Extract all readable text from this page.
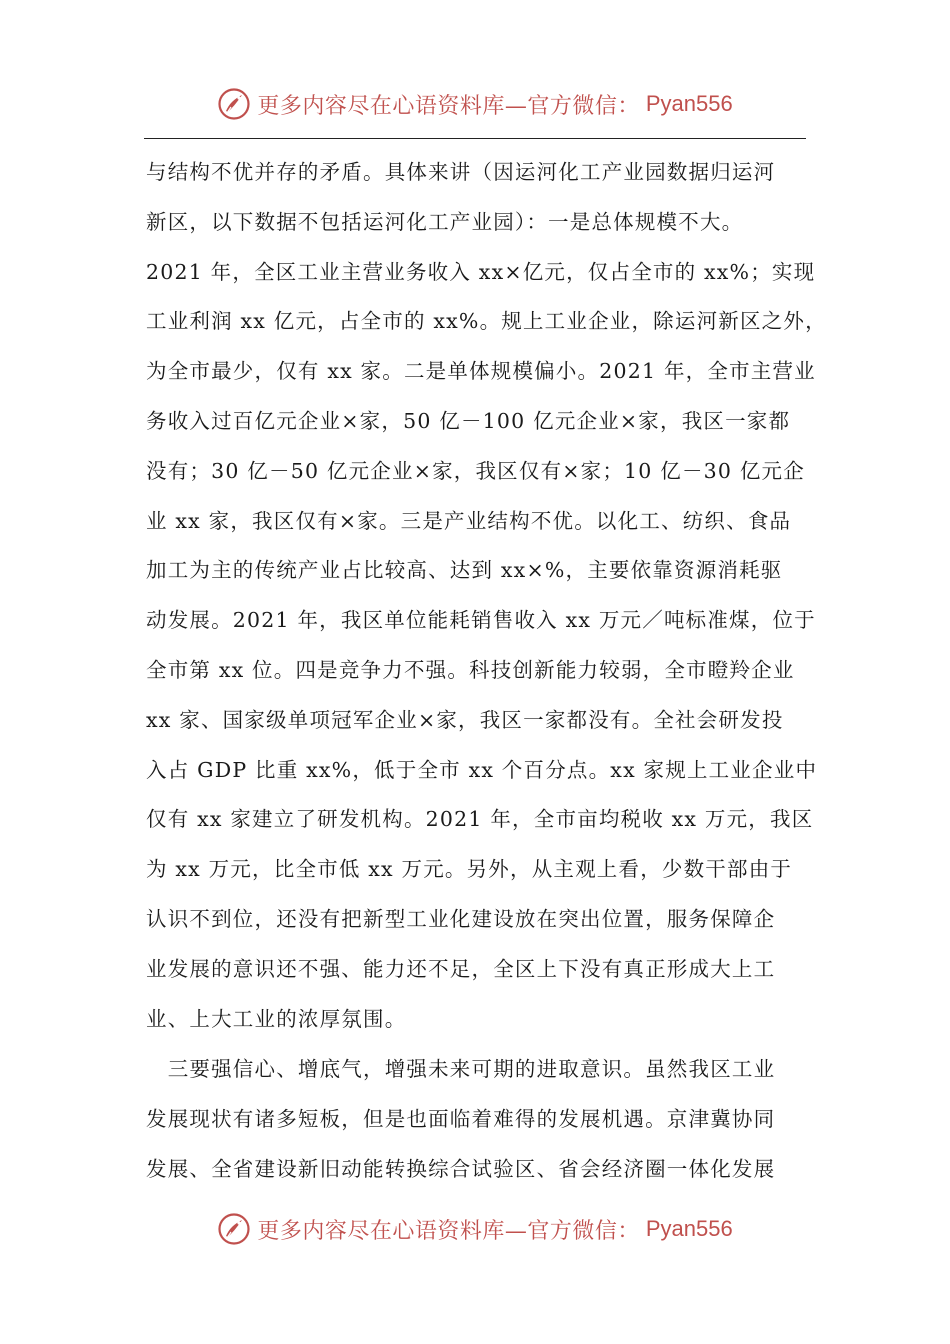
更多内容尽在心语资料库—官方微信： Pyan556
与结构不优并存的矛盾。具体来讲（因运河化工产业园数据归运河
新区，以下数据不包括运河化工产业园）：一是总体规模不大。
2021 年，全区工业主营业务收入 xx×亿元，仅占全市的 xx%；实现
工业利润 xx 亿元，占全市的 xx%。规上工业企业，除运河新区之外，
为全市最少，仅有 xx 家。二是单体规模偏小。2021 年，全市主营业
务收入过百亿元企业×家，50 亿－100 亿元企业×家，我区一家都
没有；30 亿－50 亿元企业×家，我区仅有×家；10 亿－30 亿元企
业 xx 家，我区仅有×家。三是产业结构不优。以化工、纺织、食品
加工为主的传统产业占比较高、达到 xx×%，主要依靠资源消耗驱
动发展。2021 年，我区单位能耗销售收入 xx 万元／吨标准煤，位于
全市第 xx 位。四是竞争力不强。科技创新能力较弱，全市瞪羚企业
xx 家、国家级单项冠军企业×家，我区一家都没有。全社会研发投
入占 GDP 比重 xx%，低于全市 xx 个百分点。xx 家规上工业企业中
仅有 xx 家建立了研发机构。2021 年，全市亩均税收 xx 万元，我区
为 xx 万元，比全市低 xx 万元。另外，从主观上看，少数干部由于
认识不到位，还没有把新型工业化建设放在突出位置，服务保障企
业发展的意识还不强、能力还不足，全区上下没有真正形成大上工
业、上大工业的浓厚氛围。
　三要强信心、增底气，增强未来可期的进取意识。虽然我区工业
发展现状有诸多短板，但是也面临着难得的发展机遇。京津冀协同
发展、全省建设新旧动能转换综合试验区、省会经济圈一体化发展
更多内容尽在心语资料库—官方微信： Pyan556
